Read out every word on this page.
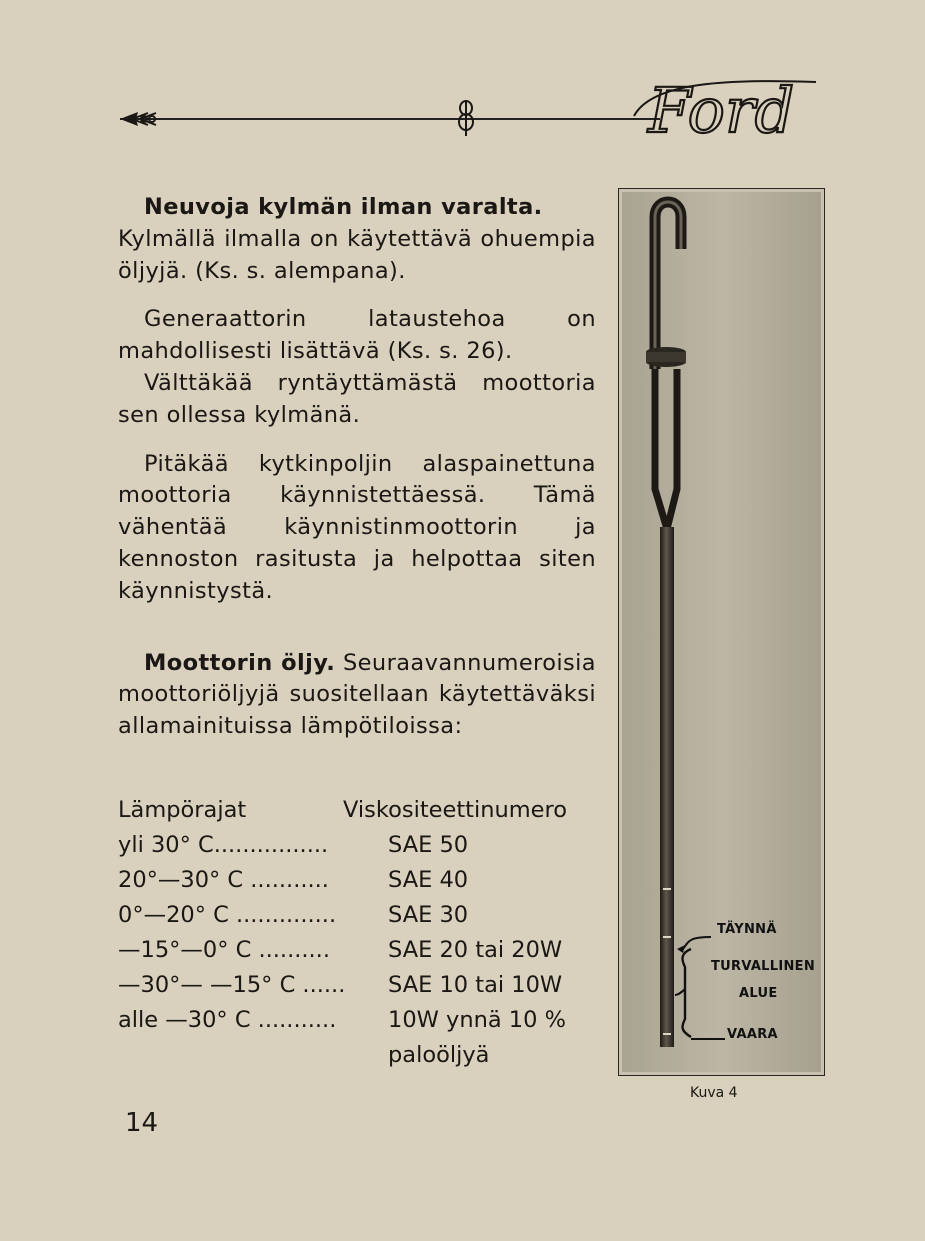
Ford

Neuvoja kylmän ilman varalta.

Kylmällä ilmalla on käytettävä ohuempia öljyjä. (Ks. s. alempana).

Generaattorin lataustehoa on mahdollisesti lisättävä (Ks. s. 26).

Välttäkää ryntäyttämästä moottoria sen ollessa kylmänä.

Pitäkää kytkinpoljin alaspainettuna moottoria käynnistettäessä. Tämä vähentää käynnistinmoottorin ja kennoston rasitusta ja helpottaa siten käynnistystä.

Moottorin öljy. Seuraavannumeroisia moottoriöljyjä suositellaan käytettäväksi allamainituissa lämpötiloissa:

Lämpörajat	Viskositeettinumero
yli 30° C................	SAE 50
20°—30° C ...........	SAE 40
0°—20° C ..............	SAE 30
—15°—0° C ..........	SAE 20 tai 20W
—30°— —15° C ......	SAE 10 tai 10W
alle —30° C ...........	10W ynnä 10 %
paloöljyä
TÄYNNÄ
TURVALLINEN
ALUE
VAARA
Kuva 4
14
